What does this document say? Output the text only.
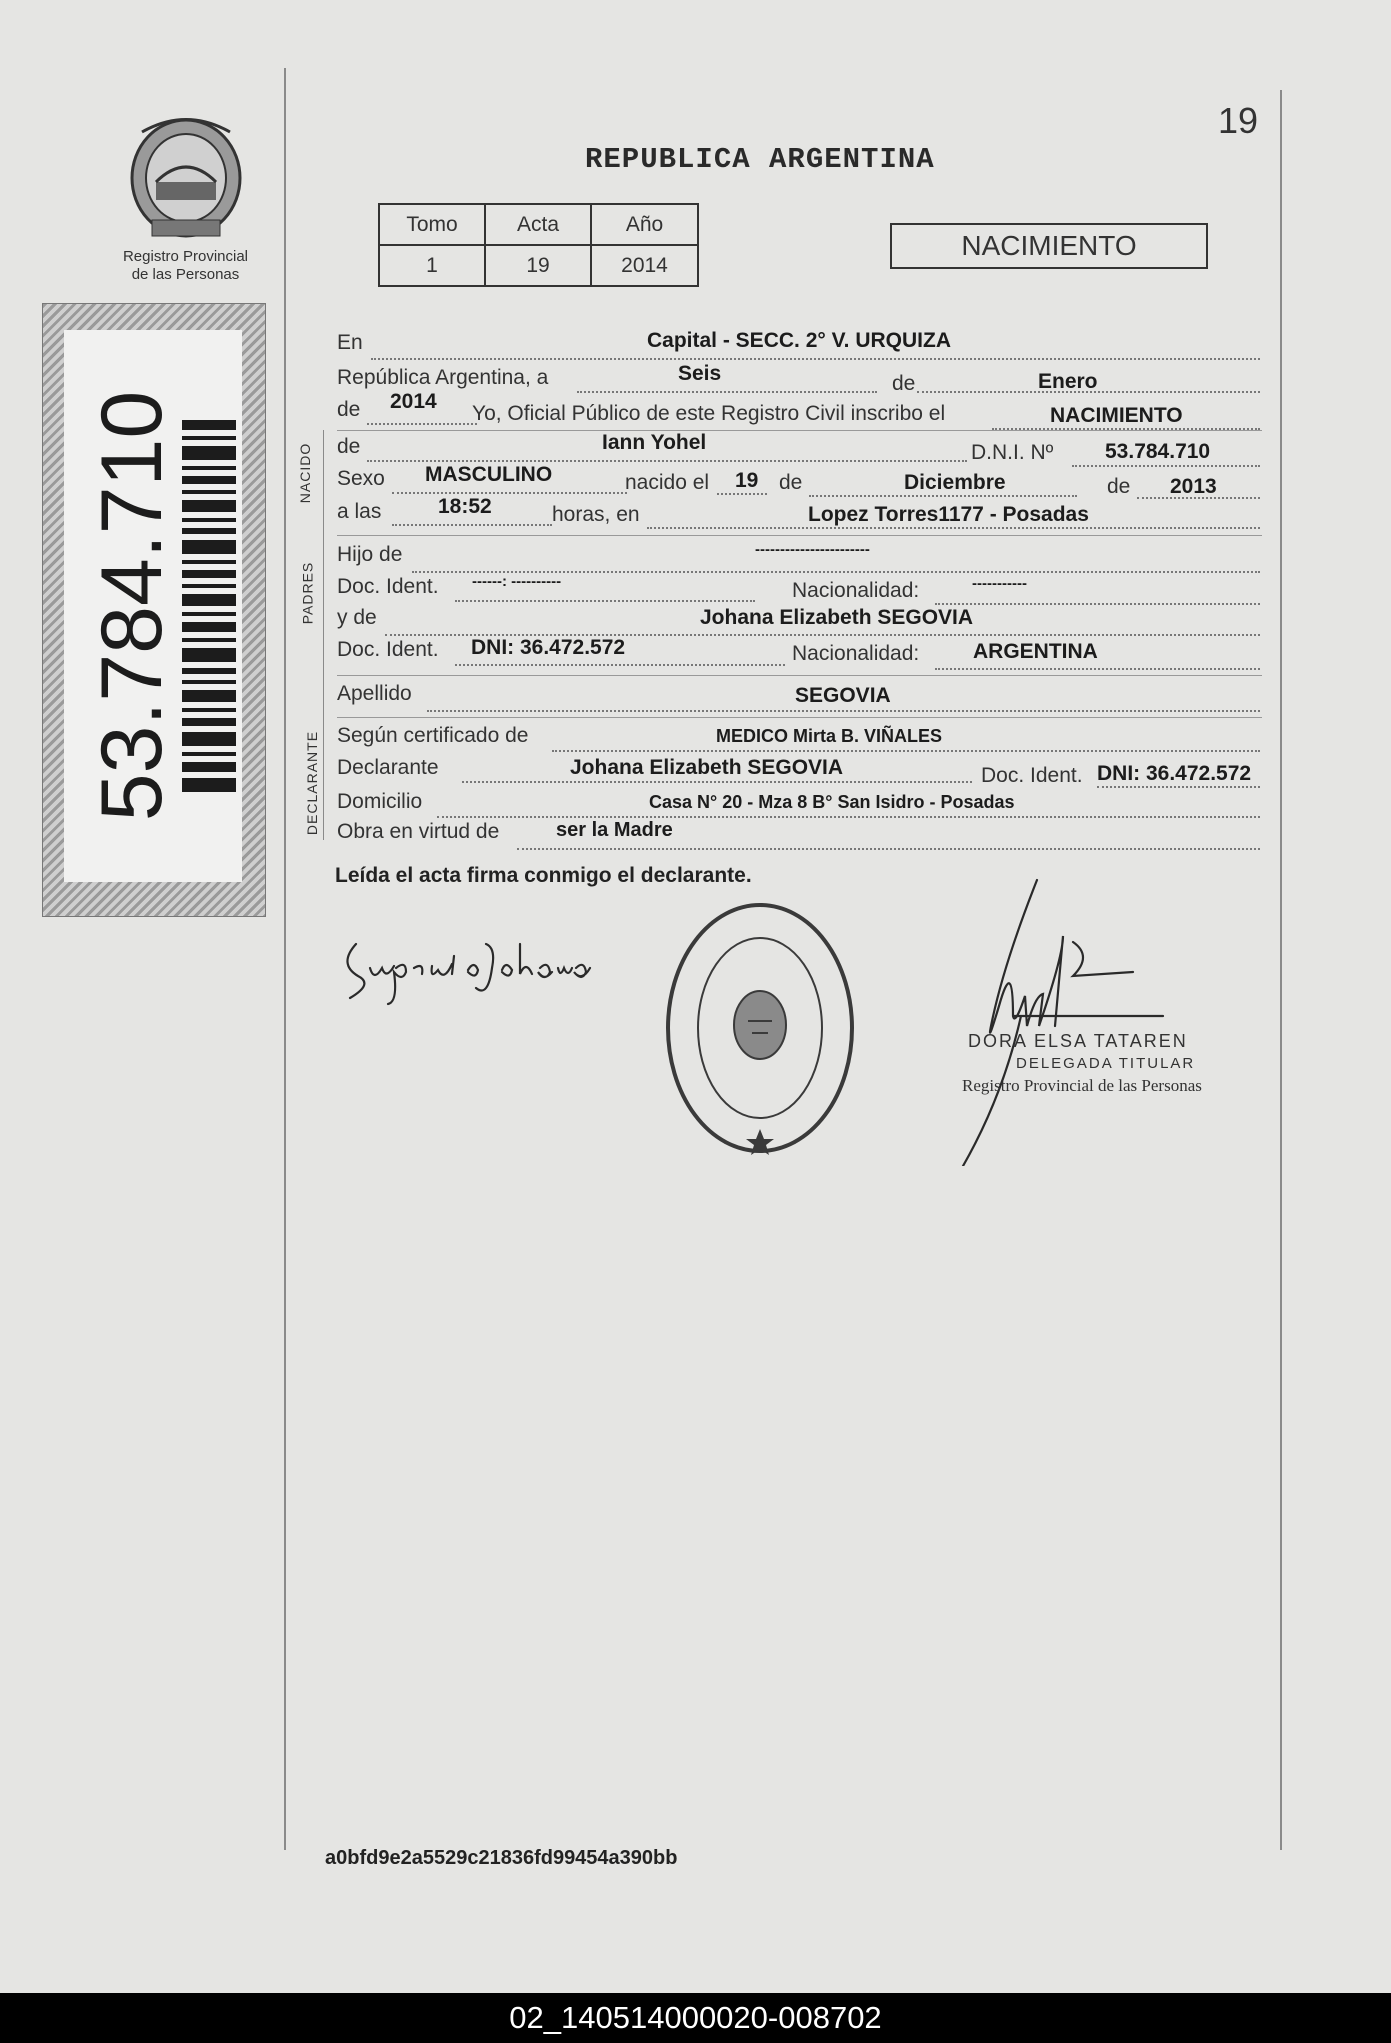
Registro Provincial
de las Personas
53.784.710
19
REPUBLICA ARGENTINA
Tomo	Acta	Año
1	19	2014
NACIMIENTO
NACIDO
PADRES
DECLARANTE
En	Capital - SECC. 2° V. URQUIZA
República Argentina, a	Seis	de	Enero
de 2014
Yo, Oficial Público de este Registro Civil inscribo el	NACIMIENTO
de	Iann Yohel	D.N.I. Nº 53.784.710
Sexo MASCULINO	nacido el 19 de	Diciembre	de 2013
a las	18:52	horas, en	Lopez Torres1177 - Posadas
Hijo de	-----------------------
Doc. Ident. ------: ----------	Nacionalidad:	-----------
y de	Johana Elizabeth SEGOVIA
Doc. Ident. DNI: 36.472.572	Nacionalidad:	ARGENTINA
Apellido	SEGOVIA
Según certificado de	MEDICO Mirta B. VIÑALES
Declarante	Johana Elizabeth SEGOVIA	Doc. Ident. DNI: 36.472.572
Domicilio	Casa N° 20 - Mza 8 B° San Isidro - Posadas
Obra en virtud de	ser la Madre
Leída el acta firma conmigo el declarante.
DORA ELSA TATAREN
DELEGADA TITULAR
Registro Provincial de las Personas
a0bfd9e2a5529c21836fd99454a390bb
02_140514000020-008702
